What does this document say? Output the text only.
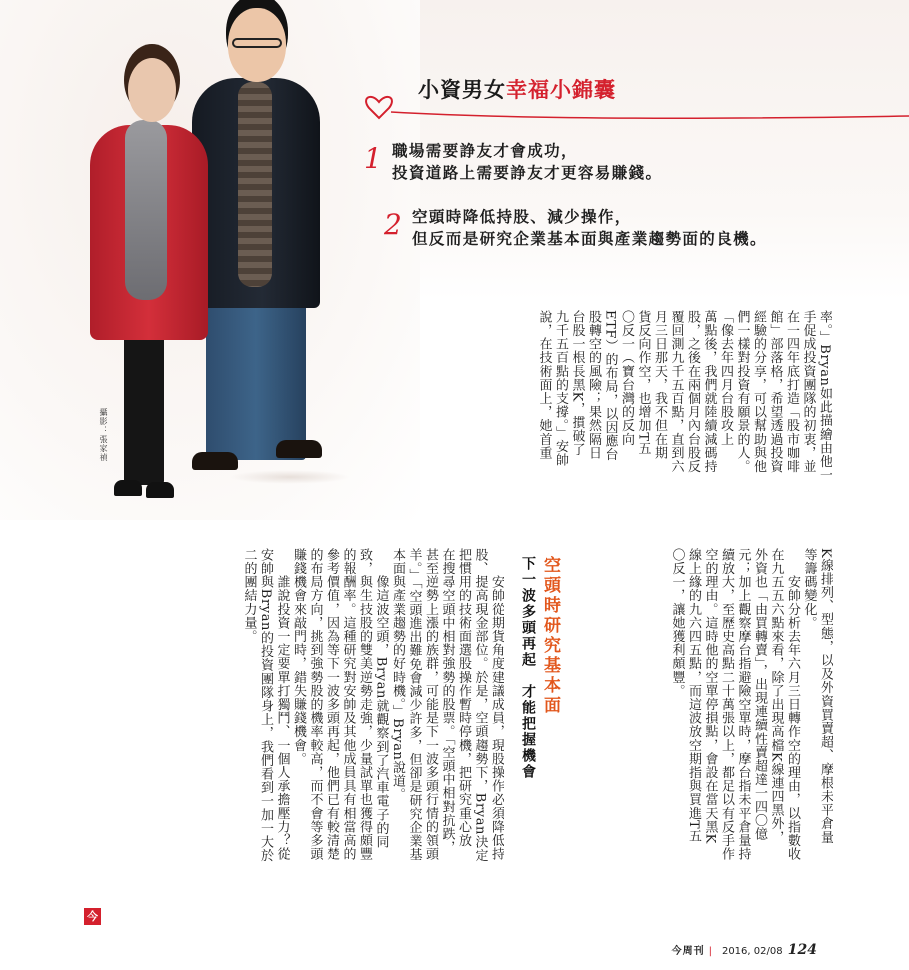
攝影：張家禎
小資男女幸福小錦囊
1 職場需要諍友才會成功，
投資道路上需要諍友才更容易賺錢。
2 空頭時降低持股、減少操作，
但反而是研究企業基本面與產業趨勢面的良機。

率。」Bryan如此描繪由他一

手促成投資團隊的初衷，並

在一四年底打造「股市咖啡

館」部落格，希望透過投資

經驗的分享，可以幫助與他

們一樣對投資有願景的人。

「像去年四月台股攻上

萬點後，我們就陸續減碼持

股，之後在兩個月內台股反

覆回測九千五百點，直到六

月三日那天，我不但在期

貨反向作空，也增加T五

〇反一（寶台灣的反向

ETF）的布局，以因應台

股轉空的風險；果然隔日

台股一根長黑K，摜破了

九千五百點的支撐。」安帥

說，在技術面上，她首重

K線排列、型態，以及外資買賣超、摩根未平倉量

等籌碼變化。

　　安帥分析去年六月三日轉作空的理由，以指數收

在九五五六點來看，除了出現高檔K線連四黑外，

外資也「由買轉賣」，出現連續性賣超達一四〇億

元；加上觀察摩台指避險空單時，摩台指未平倉量持

續放大，至歷史高點二十萬張以上，都足以有反手作

空的理由。這時他的空單停損點，會設在當天黑K

線上緣的九六四五點，而這波放空期指與買進T五

〇反一，讓她獲利頗豐。

空頭時研究基本面
下一波多頭再起　才能把握機會

　　安帥從期貨角度建議成員，現股操作必須降低持

股、提高現金部位。於是，空頭趨勢下，Bryan決定

把慣用的技術面選股操作暫時停機，把研究重心放

在搜尋空頭中相對強勢的股票。「空頭中相對抗跌，

甚至逆勢上漲的族群，可能是下一波多頭行情的領頭

羊。」「空頭進出難免會減少許多，但卻是研究企業基

本面與產業趨勢的好時機。」Bryan說道。

　　像這波空頭，Bryan就觀察到了汽車電子的同

致，與生技股的雙美逆勢走強，少量試單也獲得頗豐

的報酬率。這種研究對安帥及其他成員具有相當高的

參考價值，因為等下一波多頭再起，他們已有較清楚

的布局方向，挑到強勢股的機率較高，而不會等多頭

賺錢機會來敲門時，錯失賺錢機會。

　　誰說投資一定要單打獨鬥、一個人承擔壓力？從

安帥與Bryan的投資團隊身上，我們看到一加一大於

二的團結力量。

今
今周刊 | 2016, 02/08 124
